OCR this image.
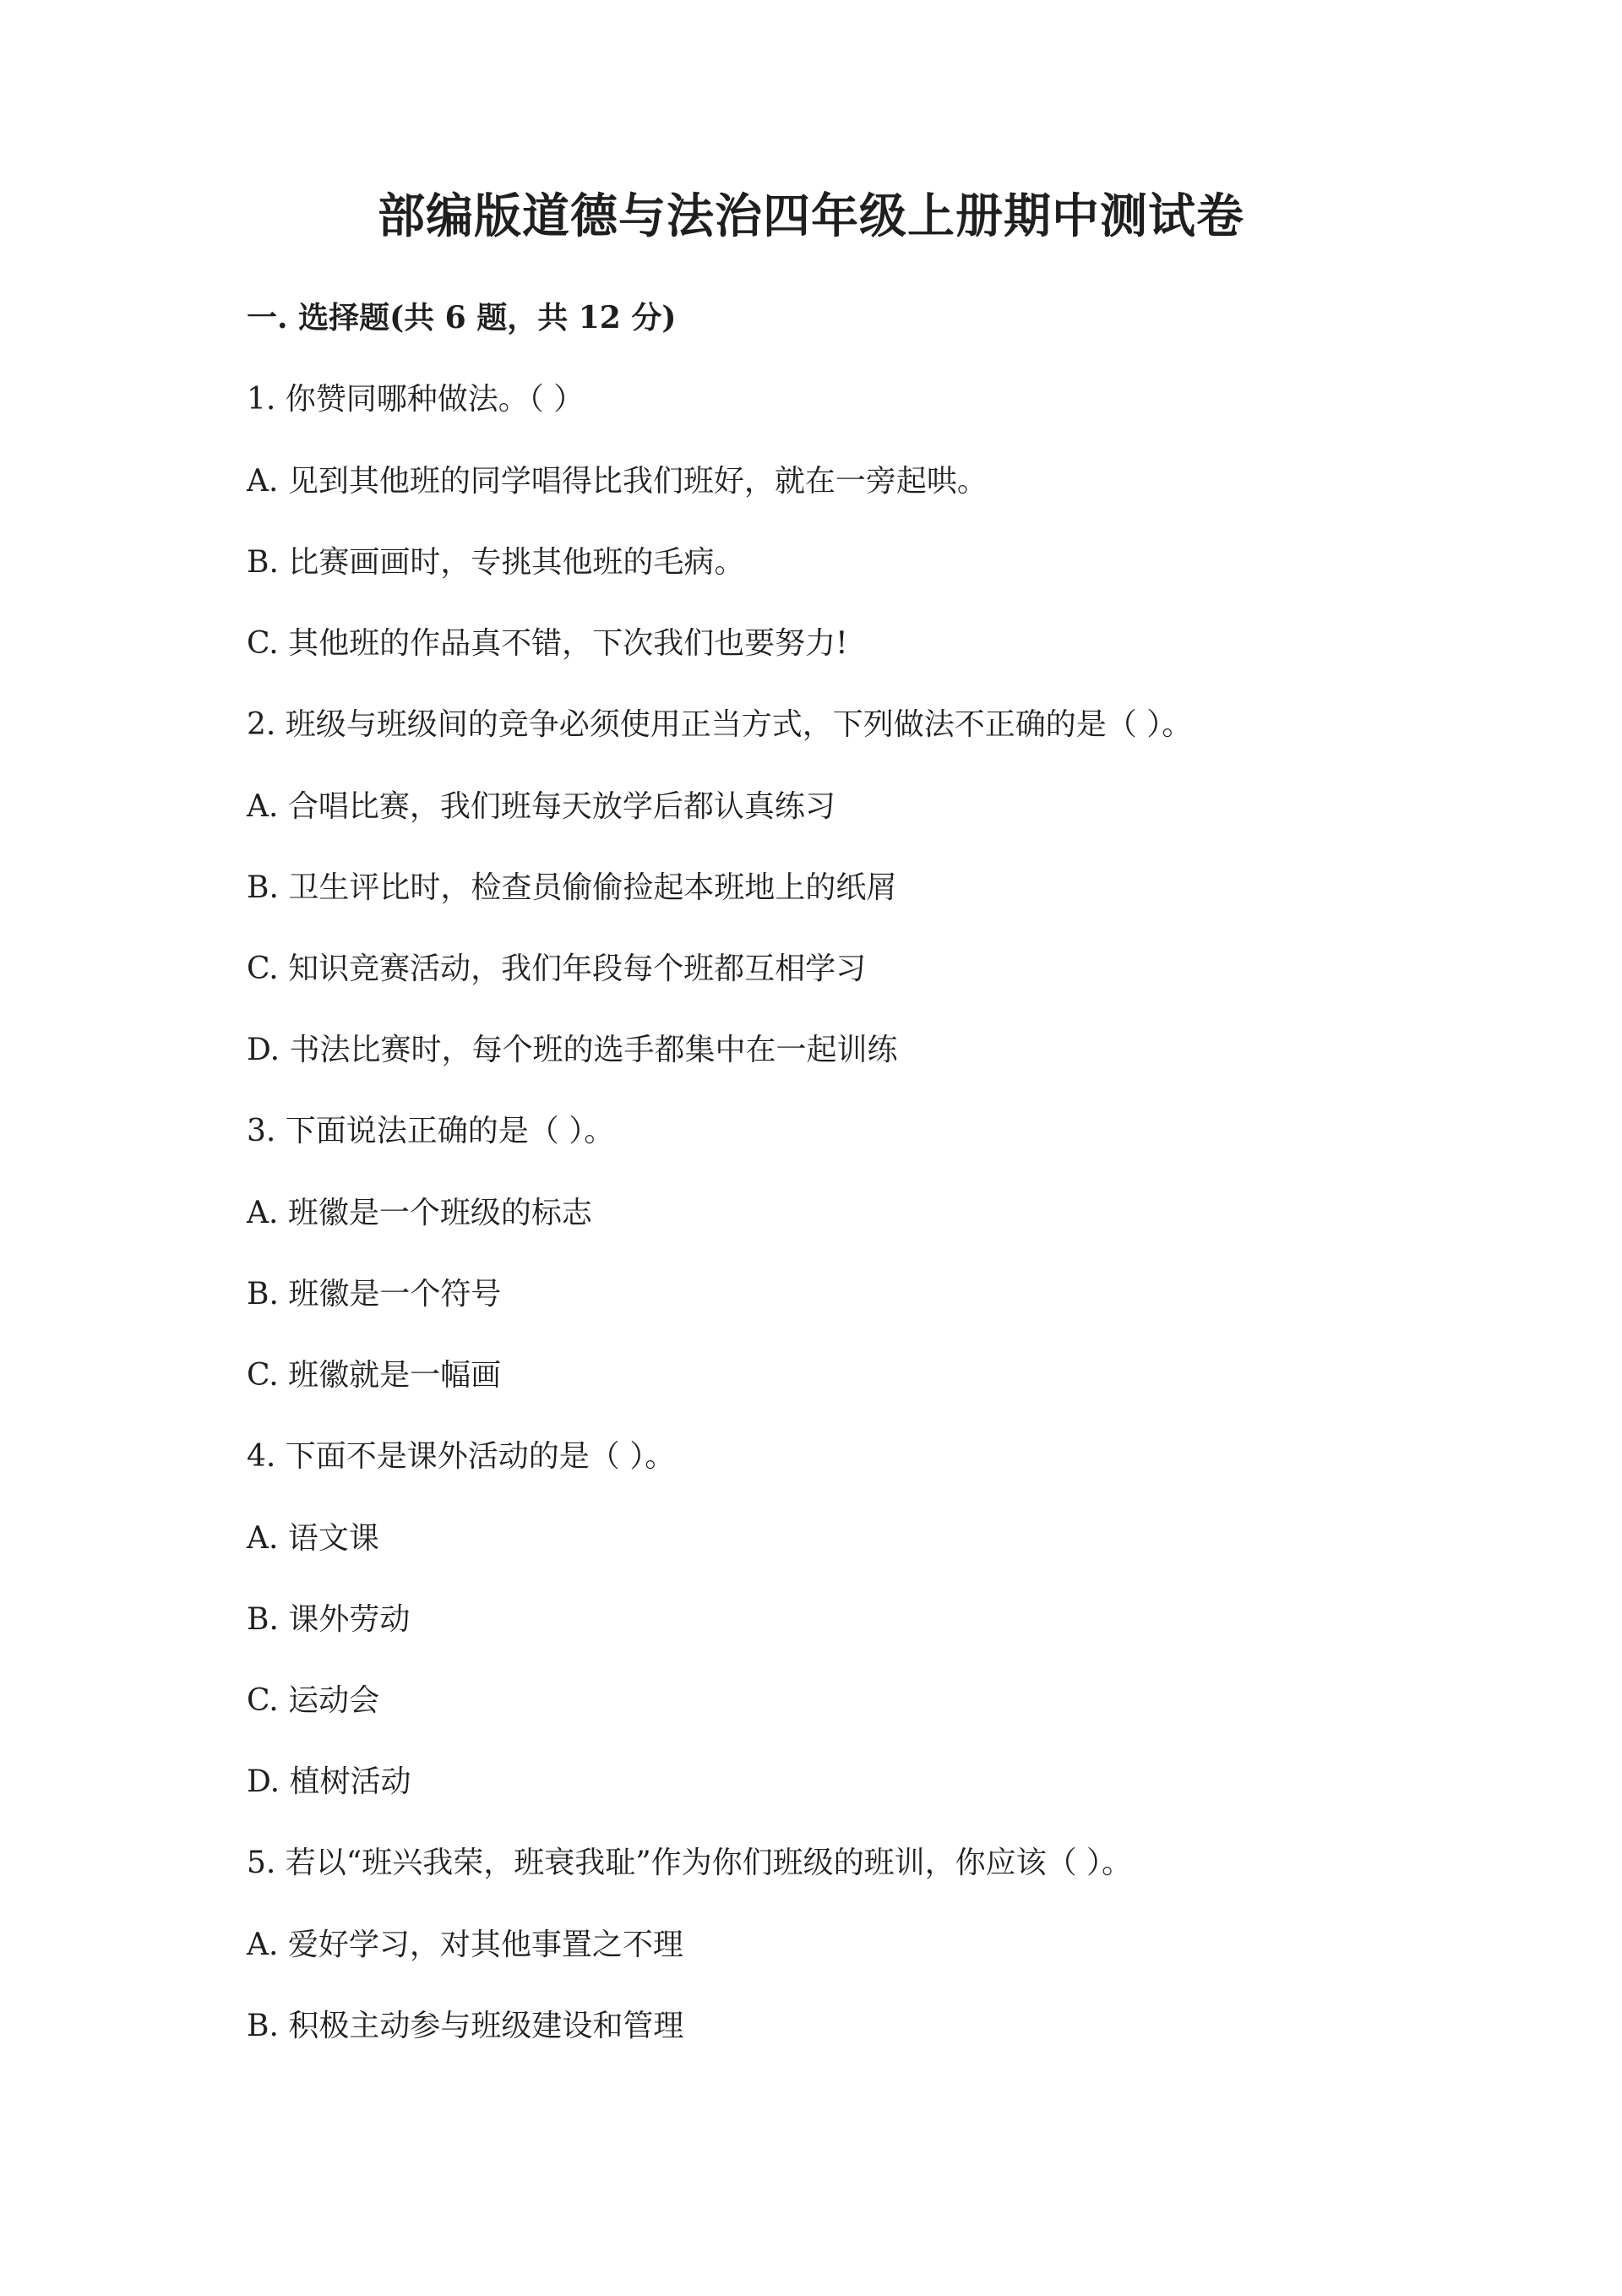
部编版道德与法治四年级上册期中测试卷
一. 选择题(共 6 题，共 12 分)
1. 你赞同哪种做法。（ ）
A. 见到其他班的同学唱得比我们班好，就在一旁起哄。
B. 比赛画画时，专挑其他班的毛病。
C. 其他班的作品真不错，下次我们也要努力!
2. 班级与班级间的竞争必须使用正当方式，下列做法不正确的是（ ）。
A. 合唱比赛，我们班每天放学后都认真练习
B. 卫生评比时，检查员偷偷捡起本班地上的纸屑
C. 知识竞赛活动，我们年段每个班都互相学习
D. 书法比赛时，每个班的选手都集中在一起训练
3. 下面说法正确的是（ ）。
A. 班徽是一个班级的标志
B. 班徽是一个符号
C. 班徽就是一幅画
4. 下面不是课外活动的是（ ）。
A. 语文课
B. 课外劳动
C. 运动会
D. 植树活动
5. 若以“班兴我荣，班衰我耻”作为你们班级的班训，你应该（ ）。
A. 爱好学习，对其他事置之不理
B. 积极主动参与班级建设和管理
